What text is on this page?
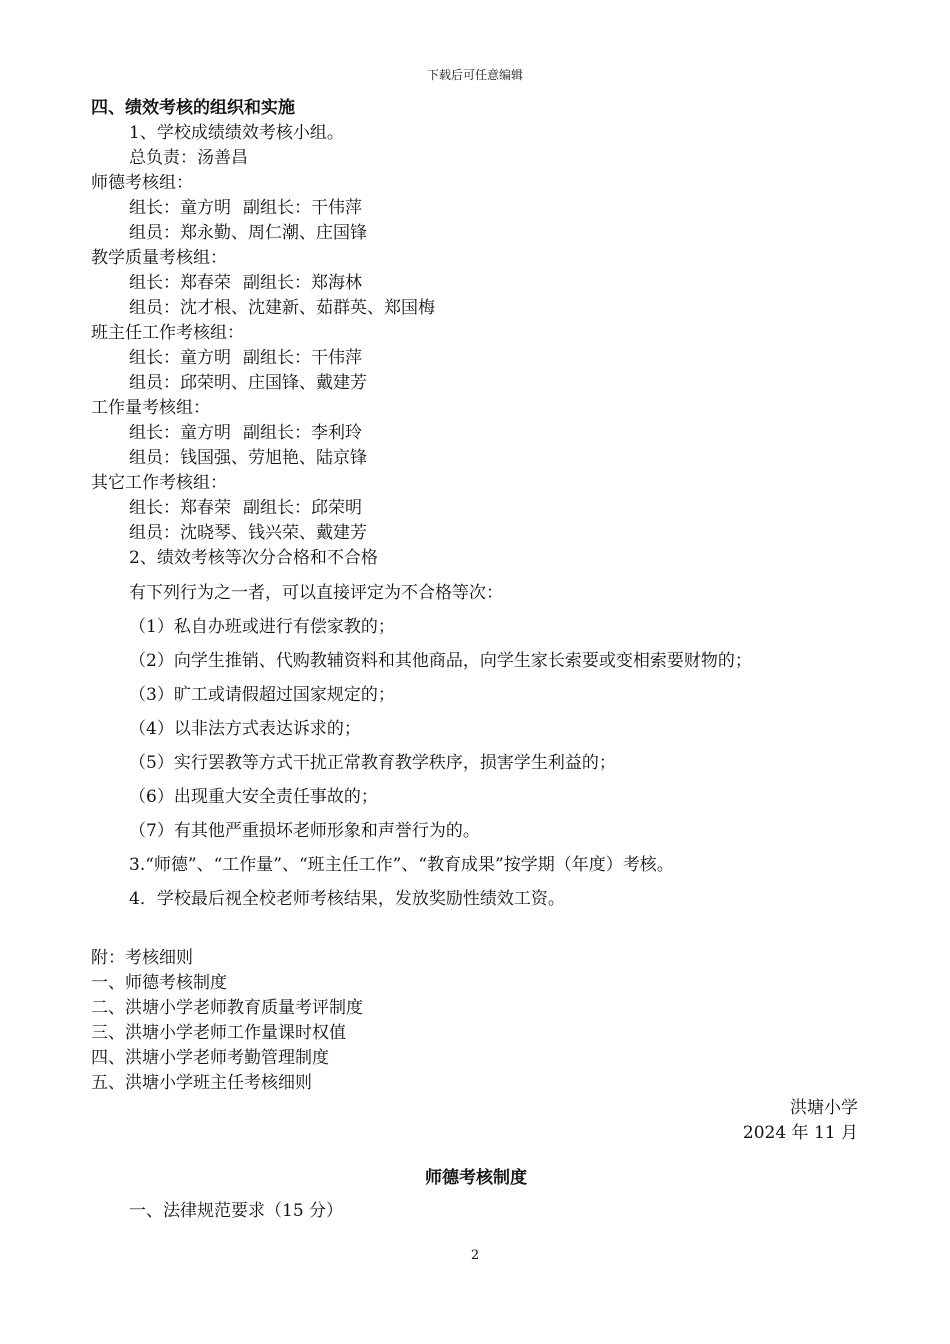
下载后可任意编辑
四、绩效考核的组织和实施
1、学校成绩绩效考核小组。
总负责：汤善昌
师德考核组：
组长：童方明 副组长：干伟萍
组员：郑永勤、周仁潮、庄国锋
教学质量考核组：
组长：郑春荣 副组长：郑海林
组员：沈才根、沈建新、茹群英、郑国梅
班主任工作考核组：
组长：童方明 副组长：干伟萍
组员：邱荣明、庄国锋、戴建芳
工作量考核组：
组长：童方明 副组长：李利玲
组员：钱国强、劳旭艳、陆京锋
其它工作考核组：
组长：郑春荣 副组长：邱荣明
组员：沈晓琴、钱兴荣、戴建芳
2、绩效考核等次分合格和不合格
有下列行为之一者，可以直接评定为不合格等次：
（1）私自办班或进行有偿家教的；
（2）向学生推销、代购教辅资料和其他商品，向学生家长索要或变相索要财物的；
（3）旷工或请假超过国家规定的；
（4）以非法方式表达诉求的；
（5）实行罢教等方式干扰正常教育教学秩序，损害学生利益的；
（6）出现重大安全责任事故的；
（7）有其他严重损坏老师形象和声誉行为的。
3.“师德”、“工作量”、“班主任工作”、“教育成果”按学期（年度）考核。
4．学校最后视全校老师考核结果，发放奖励性绩效工资。
附：考核细则
一、师德考核制度
二、洪塘小学老师教育质量考评制度
三、洪塘小学老师工作量课时权值
四、洪塘小学老师考勤管理制度
五、洪塘小学班主任考核细则
洪塘小学
2024 年 11 月
师德考核制度
一、法律规范要求（15 分）
2
